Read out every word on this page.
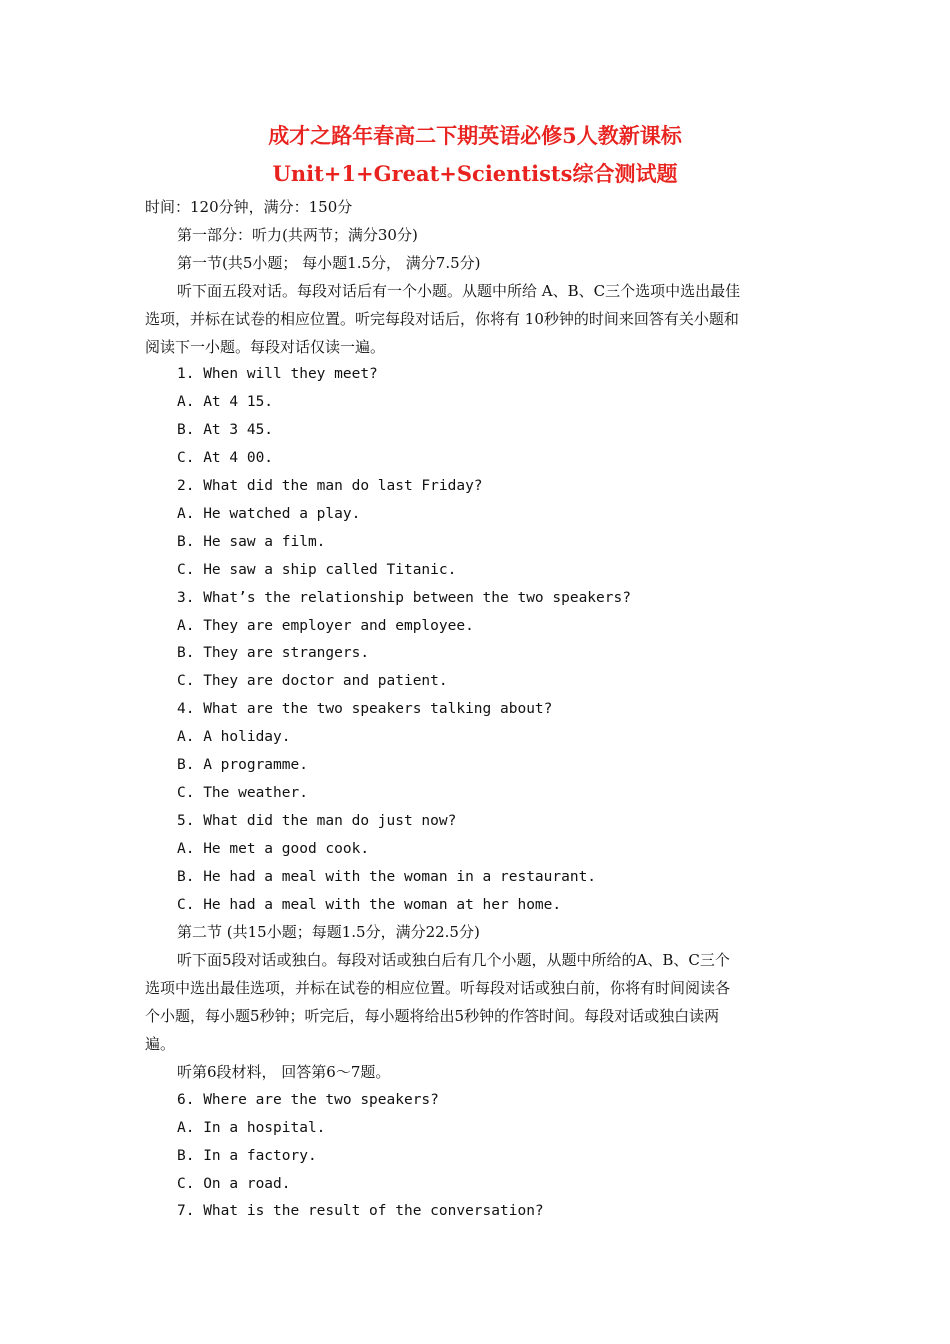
成才之路年春高二下期英语必修5人教新课标
Unit+1+Great+Scientists综合测试题
时间：120分钟，满分：150分
第一部分：听力(共两节；满分30分)
第一节(共5小题； 每小题1.5分， 满分7.5分)
听下面五段对话。每段对话后有一个小题。从题中所给 A、B、C三个选项中选出最佳
选项，并标在试卷的相应位置。听完每段对话后，你将有 10秒钟的时间来回答有关小题和
阅读下一小题。每段对话仅读一遍。
1. When will they meet?
A. At 4 15.
B. At 3 45.
C. At 4 00.
2. What did the man do last Friday?
A. He watched a play.
B. He saw a film.
C. He saw a ship called Titanic.
3. What’s the relationship between the two speakers?
A. They are employer and employee.
B. They are strangers.
C. They are doctor and patient.
4. What are the two speakers talking about?
A. A holiday.
B. A programme.
C. The weather.
5. What did the man do just now?
A. He met a good cook.
B. He had a meal with the woman in a restaurant.
C. He had a meal with the woman at her home.
第二节 (共15小题；每题1.5分，满分22.5分)
听下面5段对话或独白。每段对话或独白后有几个小题，从题中所给的A、B、C三个
选项中选出最佳选项，并标在试卷的相应位置。听每段对话或独白前，你将有时间阅读各
个小题，每小题5秒钟；听完后，每小题将给出5秒钟的作答时间。每段对话或独白读两
遍。
听第6段材料， 回答第6～7题。
6. Where are the two speakers?
A. In a hospital.
B. In a factory.
C. On a road.
7. What is the result of the conversation?
